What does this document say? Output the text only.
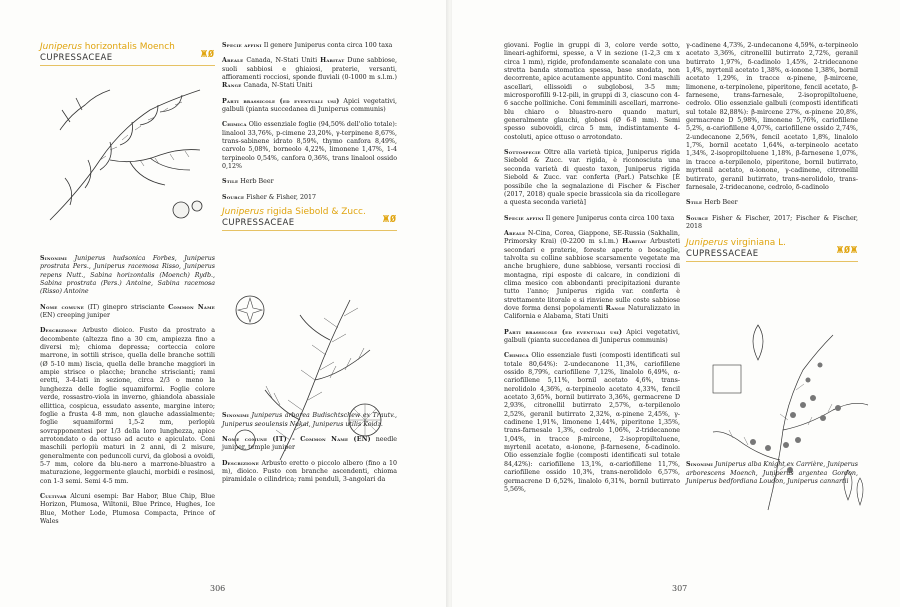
Juniperus horizontalis Moench
CUPRESSACEAE	ЖØ

Sinonimi Juniperus hudsonica Forbes, Juniperus prostrata Pers., Juniperus racemosa Risso, Juniperus repens Nutt., Sabina horizontalis (Moench) Rydb., Sabina prostrata (Pers.) Antoine, Sabina racemosa (Risso) Antoine

Nome comune (IT) ginepro strisciante Common Name (EN) creeping juniper

Descrizione Arbusto dioico. Fusto da prostrato a decombente (altezza fino a 30 cm, ampiezza fino a diversi m); chioma depressa; corteccia colore marrone, in sottili strisce, quella delle branche sottili (Ø 5-10 mm) liscia, quella delle branche maggiori in ampie strisce o placche; branche striscianti; rami eretti, 3-4-lati in sezione, circa 2/3 o meno la lunghezza delle foglie squamiformi. Foglie colore verde, rossastro-viola in inverno, ghiandola abassiale ellittica, cospicua, essudato assente, margine intero; foglie a frusta 4-8 mm, non glauche adassialmente; foglie squamiformi 1,5-2 mm, perlopiù sovrapponentesi per 1/3 della loro lunghezza, apice arrotondato o da ottuso ad acuto e apiculato. Coni maschili perlopiù maturi in 2 anni, di 2 misure, generalmente con peduncoli curvi, da globosi a ovoidi, 5-7 mm, colore da blu-nero a marrone-bluastro a maturazione, leggermente glauchi, morbidi e resinosi, con 1-3 semi. Semi 4-5 mm.

Cultivar Alcuni esempi: Bar Habor, Blue Chip, Blue Horizon, Plumosa, Wiltonii, Blue Prince, Hughes, Ice Blue, Mother Lode, Plumosa Compacta, Prince of Wales

Specie affini Il genere Juniperus conta circa 100 taxa

Areale Canada, N-Stati Uniti Habitat Dune sabbiose, suoli sabbiosi e ghiaiosi, praterie, versanti, affioramenti rocciosi, sponde fluviali (0-1000 m s.l.m.) Range Canada, N-Stati Uniti

Parti brassicole (ed eventuali usi) Apici vegetativi, galbuli (pianta succedanea di Juniperus communis)

Chimica Olio essenziale foglie (94,50% dell'olio totale): linalool 33,76%, p-cimene 23,20%, γ-terpinene 8,67%, trans-sabinene idrato 8,59%, thymo canfora 8,49%, carvolo 5,08%, borneolo 4,22%, limonene 1,47%, 1-4 terpineolo 0,54%, canfora 0,36%, trans linalool ossido 0,12%

Stile Herb Beer

Source Fisher & Fisher, 2017

Juniperus rigida Siebold & Zucc.
CUPRESSACEAE	ЖØ

Sinonimi Juniperus arborea Budischtschew ex Trautv., Juniperus seoulensis Nakai, Juniperus utilis Koidz.

Nome comune (IT) - Common Name (EN) needle juniper, temple juniper

Descrizione Arbusto eretto o piccolo albero (fino a 10 m), dioico. Fusto con branche ascendenti, chioma piramidale o cilindrica; rami penduli, 3-angolari da

306

giovani. Foglie in gruppi di 3, colore verde sotto, lineari-aghiformi, spesse, a V in sezione (1-2,3 cm x circa 1 mm), rigide, profondamente scanalate con una stretta banda stomatica spessa, base snodata, non decorrente, apice acutamente appuntito. Coni maschili ascellari, ellissoidi o subglobosi, 3-5 mm; microsporofilli 9-12-pili, in gruppi di 3, ciascuno con 4-6 sacche polliniche. Coni femminili ascellari, marrone-blu chiaro o bluastro-nero quando maturi, generalmente glauchi, globosi (Ø 6-8 mm). Semi spesso subovoidi, circa 5 mm, indistintamente 4-costoluti, apice ottuso o arrotondato.

Sottospecie Oltre alla varietà tipica, Juniperus rigida Siebold & Zucc. var. rigida, è riconosciuta una seconda varietà di questo taxon, Juniperus rigida Siebold & Zucc. var. conferta (Parl.) Patschke [È possibile che la segnalazione di Fischer & Fischer (2017, 2018) quale specie brassicola sia da ricollegare a questa seconda varietà]

Specie affini Il genere Juniperus conta circa 100 taxa

Areale N-Cina, Corea, Giappone, SE-Russia (Sakhalin, Primorsky Krai) (0-2200 m s.l.m.) Habitat Arbusteti secondari e praterie, foreste aperte o boscaglie, talvolta su colline sabbiose scarsamente vegetate ma anche brughiere, dune sabbiose, versanti rocciosi di montagna, ripi esposte di calcare, in condizioni di clima mesico con abbondanti precipitazioni durante tutto l'anno; Juniperus rigida var. conferta è strettamente litorale e si rinviene sulle coste sabbiose dove forma densi popolamenti Range Naturalizzato in California e Alabama, Stati Uniti

Parti brassicole (ed eventuali usi) Apici vegetativi, galbuli (pianta succedanea di Juniperus communis)

Chimica Olio essenziale fusti (composti identificati sul totale 80,64%): 2-undecanone 11,3%, cariofillene ossido 8,79%, cariofillene 7,12%, linalolo 6,49%, α-cariofillene 5,11%, bornil acetato 4,6%, trans-nerolidolo 4,36%, α-terpineolo acetato 4,33%, fencil acetato 3,65%, bornil butirrato 3,36%, germacrene D 2,93%, citronellil butirrato 2,57%, α-terpilenolo 2,52%, geranil butirrato 2,32%, α-pinene 2,45%, γ-cadinene 1,91%, limonene 1,44%, piperitone 1,35%, trans-farnesale 1,3%, cedrolo 1,06%, 2-tridecanone 1,04%, in tracce β-mircene, 2-isopropiltoluene, myrtenil acetato, α-ionone, β-farnesene, δ-cadinolo. Olio essenziale foglie (composti identificati sul totale 84,42%): cariofillene 13,1%, α-cariofillene 11,7%, cariofillene ossido 10,3%, trans-nerolidolo 6,57%, germacrene D 6,52%, linalolo 6,31%, bornil butirrato 5,56%,

γ-cadinene 4,73%, 2-undecanone 4,59%, α-terpineolo acetato 3,36%, citronellil butirrato 2,72%, geranil butirrato 1,97%, δ-cadinolo 1,45%, 2-tridecanone 1,4%, myrtenil acetato 1,38%, α-ionone 1,38%, bornil acetato 1,29%, in tracce α-pinene, β-mircene, limonene, α-terpinolene, piperitone, fencil acetato, β-farnesene, trans-farnesale, 2-isopropiltoluene, cedrolo. Olio essenziale galbuli (composti identificati sul totale 82,88%): β-mircene 27%, α-pinene 20,8%, germacrene D 5,98%, limonene 5,76%, cariofillene 5,2%, α-cariofillene 4,07%, cariofillene ossido 2,74%, 2-undecanone 2,56%, fencil acetato 1,8%, linalolo 1,7%, bornil acetato 1,64%, α-terpineolo acetato 1,34%, 2-isopropiltoluene 1,18%, β-farnesene 1,07%, in tracce α-terpilenolo, piperitone, bornil butirrato, myrtenil acetato, α-ionone, γ-cadinene, citronellil butirrato, geranil butirrato, trans-nerolidolo, trans-farnesale, 2-tridecanone, cedrolo, δ-cadinolo

Stile Herb Beer

Source Fisher & Fischer, 2017; Fischer & Fischer, 2018

Juniperus virginiana L.
CUPRESSACEAE	ЖØЖ

Sinonimi Juniperus alba Knight ex Carrière, Juniperus arborescens Moench, Juniperus argentea Gordon, Juniperus bedfordiana Loudon, Juniperus cannartii

307
